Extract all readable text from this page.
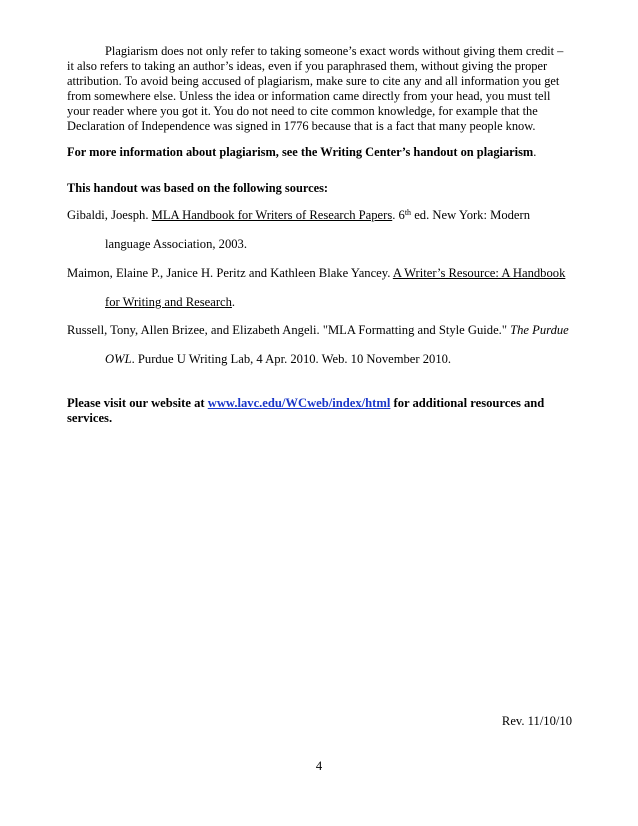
Plagiarism does not only refer to taking someone’s exact words without giving them credit – it also refers to taking an author’s ideas, even if you paraphrased them, without giving the proper attribution. To avoid being accused of plagiarism, make sure to cite any and all information you get from somewhere else. Unless the idea or information came directly from your head, you must tell your reader where you got it. You do not need to cite common knowledge, for example that the Declaration of Independence was signed in 1776 because that is a fact that many people know.

For more information about plagiarism, see the Writing Center’s handout on plagiarism.

This handout was based on the following sources:

Gibaldi, Joesph. MLA Handbook for Writers of Research Papers. 6th ed. New York: Modern

language Association, 2003.

Maimon, Elaine P., Janice H. Peritz and Kathleen Blake Yancey. A Writer’s Resource: A Handbook

for Writing and Research.

Russell, Tony, Allen Brizee, and Elizabeth Angeli. "MLA Formatting and Style Guide." The Purdue

OWL. Purdue U Writing Lab, 4 Apr. 2010. Web. 10 November 2010.

Please visit our website at www.lavc.edu/WCweb/index/html for additional resources and services.

Rev. 11/10/10

4
